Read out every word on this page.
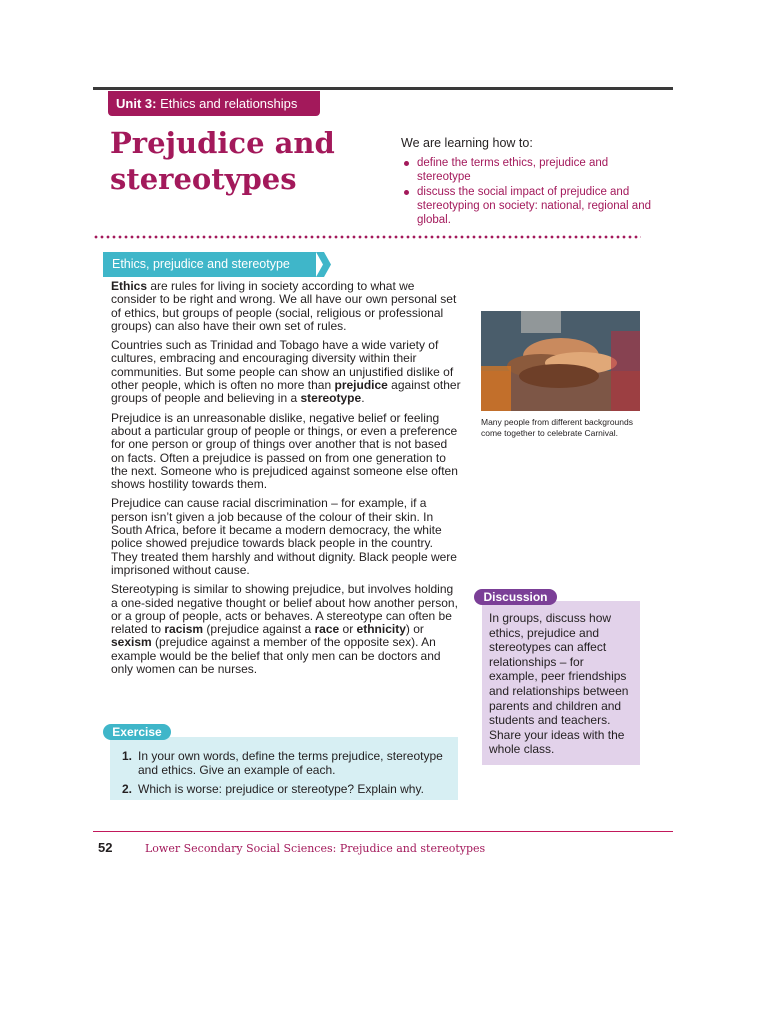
Unit 3: Ethics and relationships
Prejudice and
stereotypes

We are learning how to:

define the terms ethics, prejudice and stereotype
discuss the social impact of prejudice and stereotyping on society: national, regional and global.
Ethics, prejudice and stereotype

Ethics are rules for living in society according to what we consider to be right and wrong. We all have our own personal set of ethics, but groups of people (social, religious or professional groups) can also have their own set of rules.

Countries such as Trinidad and Tobago have a wide variety of cultures, embracing and encouraging diversity within their communities. But some people can show an unjustified dislike of other people, which is often no more than prejudice against other groups of people and believing in a stereotype.

Prejudice is an unreasonable dislike, negative belief or feeling about a particular group of people or things, or even a preference for one person or group of things over another that is not based on facts. Often a prejudice is passed on from one generation to the next. Someone who is prejudiced against someone else often shows hostility towards them.

Prejudice can cause racial discrimination – for example, if a person isn’t given a job because of the colour of their skin. In South Africa, before it became a modern democracy, the white police showed prejudice towards black people in the country. They treated them harshly and without dignity. Black people were imprisoned without cause.

Stereotyping is similar to showing prejudice, but involves holding a one-sided negative thought or belief about how another person, or a group of people, acts or behaves. A stereotype can often be related to racism (prejudice against a race or ethnicity) or sexism (prejudice against a member of the opposite sex). An example would be the belief that only men can be doctors and only women can be nurses.

Many people from different backgrounds come together to celebrate Carnival.
In groups, discuss how ethics, prejudice and stereotypes can affect relationships – for example, peer friendships and relationships between parents and children and students and teachers. Share your ideas with the whole class.
Discussion
1. In your own words, define the terms prejudice, stereotype and ethics. Give an example of each.
2. Which is worse: prejudice or stereotype? Explain why.
Exercise
52	Lower Secondary Social Sciences: Prejudice and stereotypes
